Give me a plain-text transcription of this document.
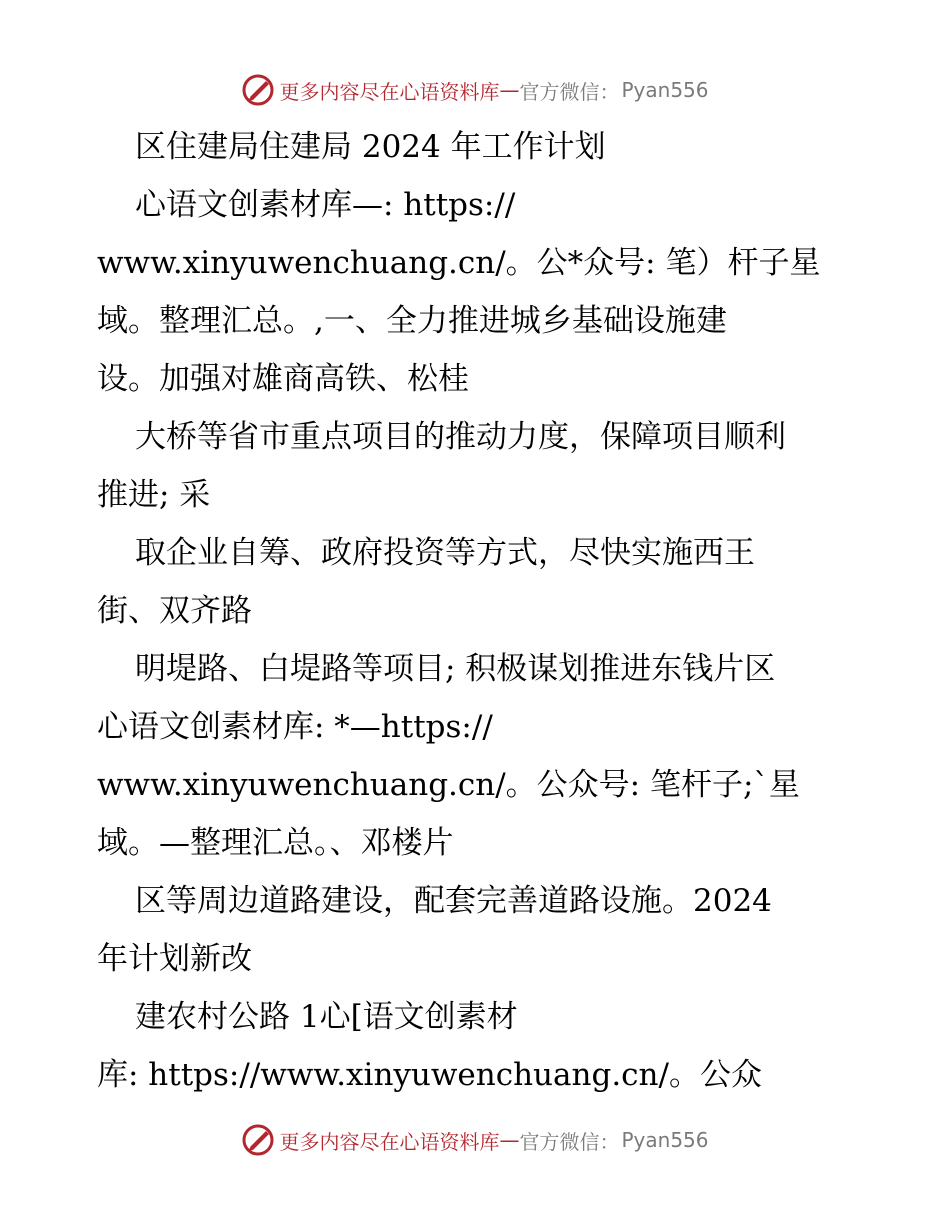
更多内容尽在心语资料库 — 官方微信： Pyan556
区住建局住建局 2024 年工作计划
心语文创素材库—: https://
www.xinyuwenchuang.cn/。公*众号: 笔）杆子星
域。整理汇总。,一、全力推进城乡基础设施建
设。加强对雄商高铁、松桂
大桥等省市重点项目的推动力度，保障项目顺利
推进; 采
取企业自筹、政府投资等方式，尽快实施西王
街、双齐路
明堤路、白堤路等项目; 积极谋划推进东钱片区
心语文创素材库: *—https://
www.xinyuwenchuang.cn/。公众号: 笔杆子;`星
域。—整理汇总。、邓楼片
区等周边道路建设，配套完善道路设施。2024
年计划新改
建农村公路 1心[语文创素材
库: https://www.xinyuwenchuang.cn/。公众
更多内容尽在心语资料库 — 官方微信： Pyan556
